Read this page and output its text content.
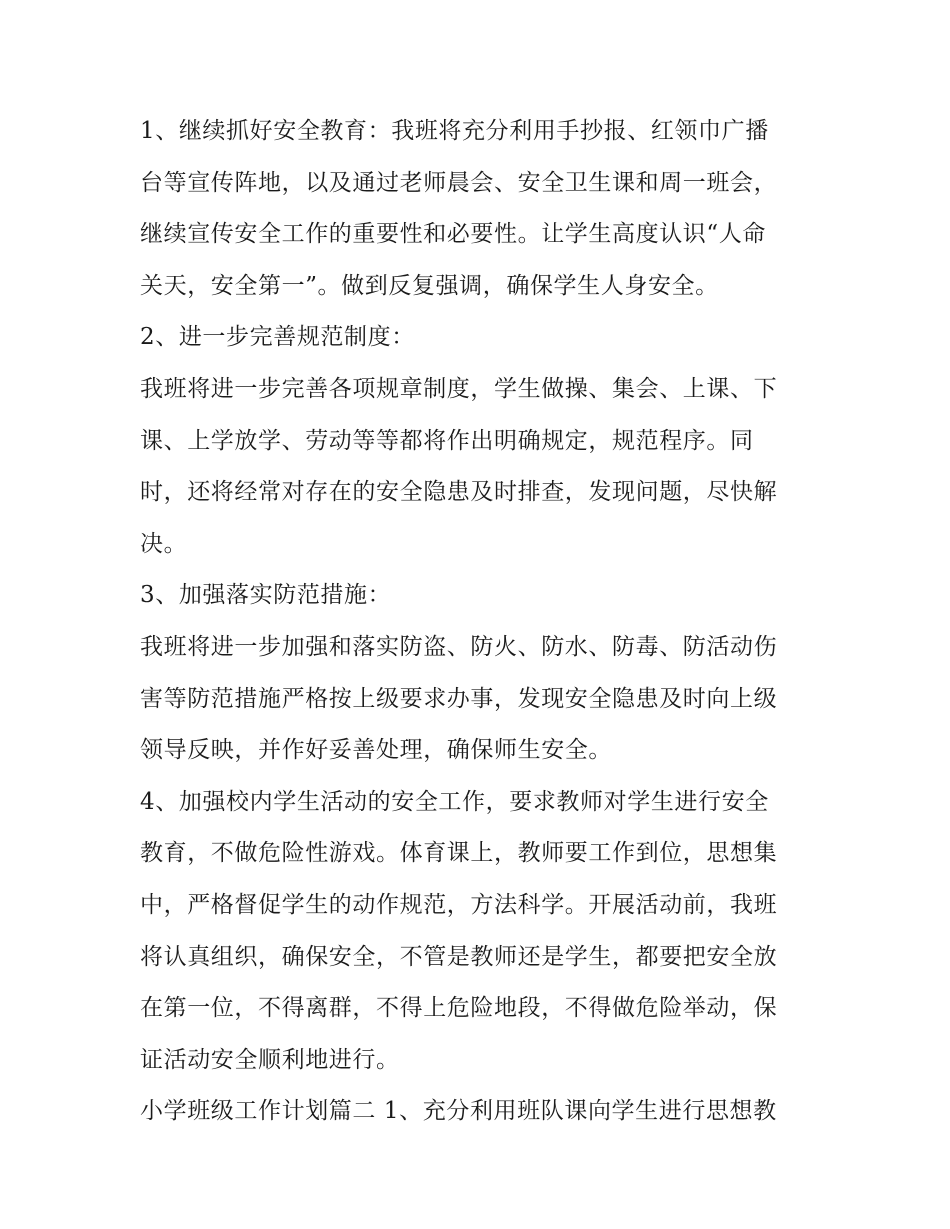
1、继续抓好安全教育：我班将充分利用手抄报、红领巾广播
台等宣传阵地，以及通过老师晨会、安全卫生课和周一班会，
继续宣传安全工作的重要性和必要性。让学生高度认识“人命
关天，安全第一”。做到反复强调，确保学生人身安全。
2、进一步完善规范制度：
我班将进一步完善各项规章制度，学生做操、集会、上课、下
课、上学放学、劳动等等都将作出明确规定，规范程序。同
时，还将经常对存在的安全隐患及时排查，发现问题，尽快解
决。
3、加强落实防范措施：
我班将进一步加强和落实防盗、防火、防水、防毒、防活动伤
害等防范措施严格按上级要求办事，发现安全隐患及时向上级
领导反映，并作好妥善处理，确保师生安全。
4、加强校内学生活动的安全工作，要求教师对学生进行安全
教育，不做危险性游戏。体育课上，教师要工作到位，思想集
中，严格督促学生的动作规范，方法科学。开展活动前，我班
将认真组织，确保安全，不管是教师还是学生，都要把安全放
在第一位，不得离群，不得上危险地段，不得做危险举动，保
证活动安全顺利地进行。
小学班级工作计划篇二 1、充分利用班队课向学生进行思想教
